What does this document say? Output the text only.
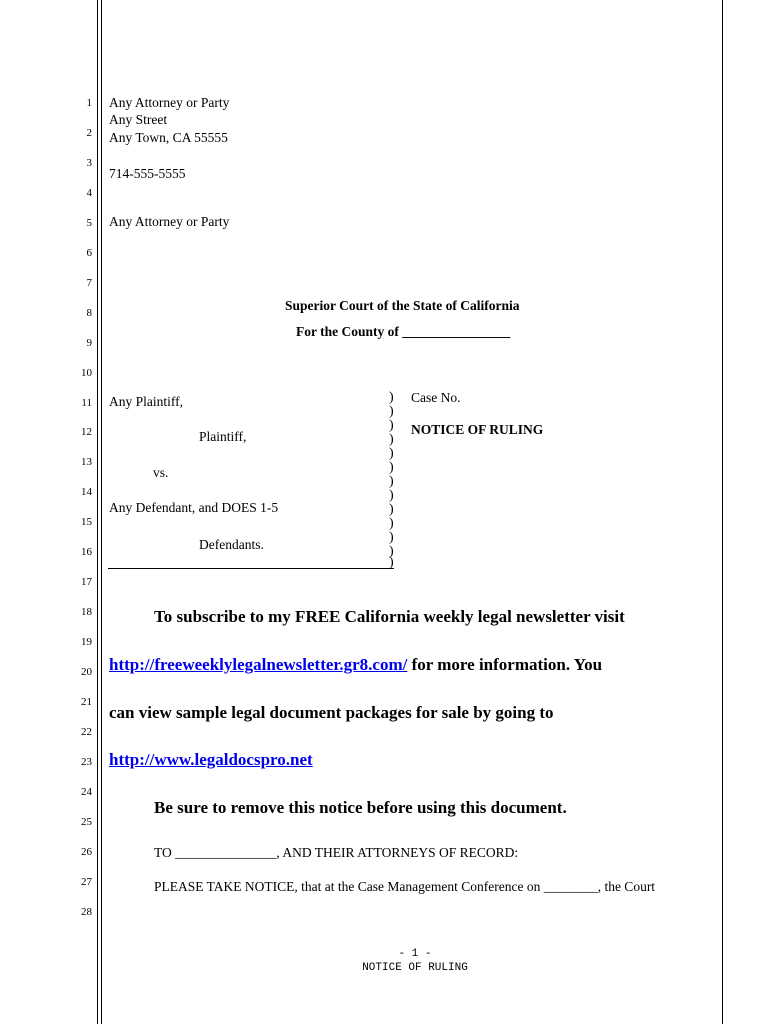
1
2
3
4
5
6
7
8
9
10
11
12
13
14
15
16
17
18
19
20
21
22
23
24
25
26
27
28
Any Attorney or Party
Any Street
Any Town, CA 55555
714-555-5555
Any Attorney or Party
Superior Court of the State of California
For the County of ________________
Any Plaintiff,
Plaintiff,
vs.
Any Defendant, and DOES 1-5
Defendants.
)
)
)
)
)
)
)
)
)
)
)
)
)
Case No.
NOTICE OF RULING
To subscribe to my FREE California weekly legal newsletter visit
http://freeweeklylegalnewsletter.gr8.com/ for more information. You
can view sample legal document packages for sale by going to
http://www.legaldocspro.net
Be sure to remove this notice before using this document.
TO _______________, AND THEIR ATTORNEYS OF RECORD:
PLEASE TAKE NOTICE, that at the Case Management Conference on ________, the Court
- 1 -
NOTICE OF RULING
